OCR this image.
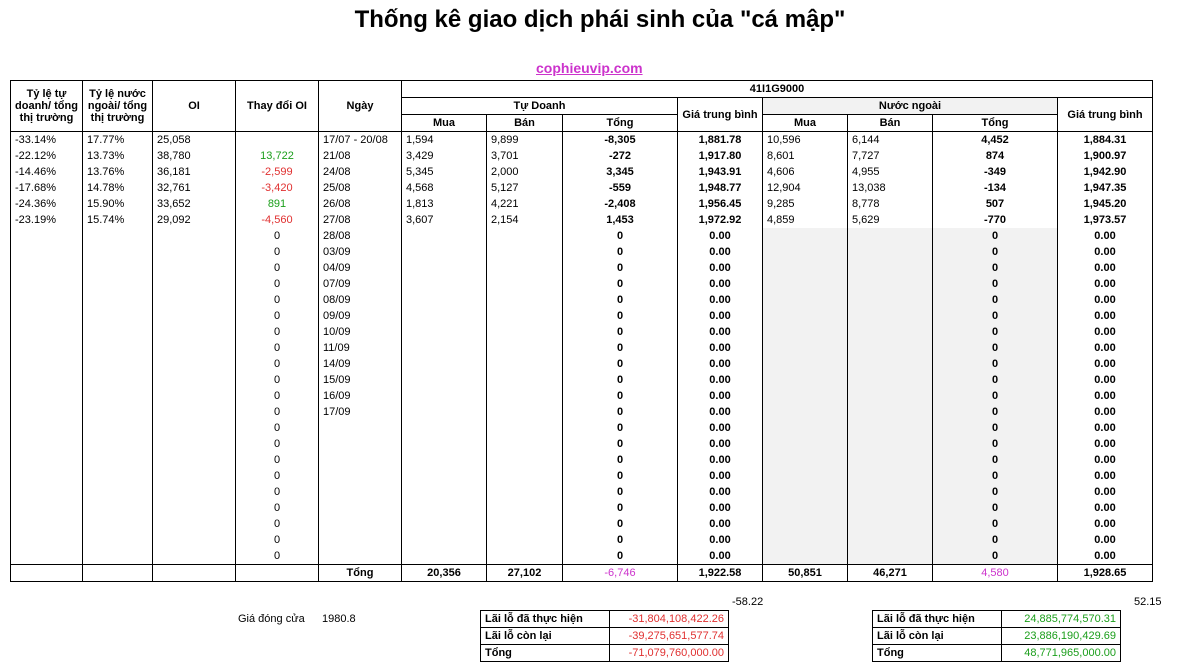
Thống kê giao dịch phái sinh của "cá mập"
cophieuvip.com
Tỷ lệ tự doanh/ tổng thị trường	Tỷ lệ nước ngoài/ tổng thị trường	OI	Thay đổi OI	Ngày	41I1G9000							
					Tự Doanh			Giá trung bình	Nước ngoài			Giá trung bình
					Mua	Bán	Tổng		Mua	Bán	Tổng	
-33.14%	17.77%	25,058		17/07 - 20/08	1,594	9,899	-8,305	1,881.78	10,596	6,144	4,452	1,884.31
-22.12%	13.73%	38,780	13,722	21/08	3,429	3,701	-272	1,917.80	8,601	7,727	874	1,900.97
-14.46%	13.76%	36,181	-2,599	24/08	5,345	2,000	3,345	1,943.91	4,606	4,955	-349	1,942.90
-17.68%	14.78%	32,761	-3,420	25/08	4,568	5,127	-559	1,948.77	12,904	13,038	-134	1,947.35
-24.36%	15.90%	33,652	891	26/08	1,813	4,221	-2,408	1,956.45	9,285	8,778	507	1,945.20
-23.19%	15.74%	29,092	-4,560	27/08	3,607	2,154	1,453	1,972.92	4,859	5,629	-770	1,973.57
			0	28/08			0	0.00			0	0.00
			0	03/09			0	0.00			0	0.00
			0	04/09			0	0.00			0	0.00
			0	07/09			0	0.00			0	0.00
			0	08/09			0	0.00			0	0.00
			0	09/09			0	0.00			0	0.00
			0	10/09			0	0.00			0	0.00
			0	11/09			0	0.00			0	0.00
			0	14/09			0	0.00			0	0.00
			0	15/09			0	0.00			0	0.00
			0	16/09			0	0.00			0	0.00
			0	17/09			0	0.00			0	0.00
			0				0	0.00			0	0.00
			0				0	0.00			0	0.00
			0				0	0.00			0	0.00
			0				0	0.00			0	0.00
			0				0	0.00			0	0.00
			0				0	0.00			0	0.00
			0				0	0.00			0	0.00
			0				0	0.00			0	0.00
			0				0	0.00			0	0.00
				Tổng	20,356	27,102	-6,746	1,922.58	50,851	46,271	4,580	1,928.65
-58.22	52.15
Giá đóng cửa 1980.8	Lãi lỗ đã thực hiện	-31,804,108,422.26
Lãi lỗ còn lại	-39,275,651,577.74
Tổng	-71,079,760,000.00
Lãi lỗ đã thực hiện	24,885,774,570.31
Lãi lỗ còn lại	23,886,190,429.69
Tổng	48,771,965,000.00
